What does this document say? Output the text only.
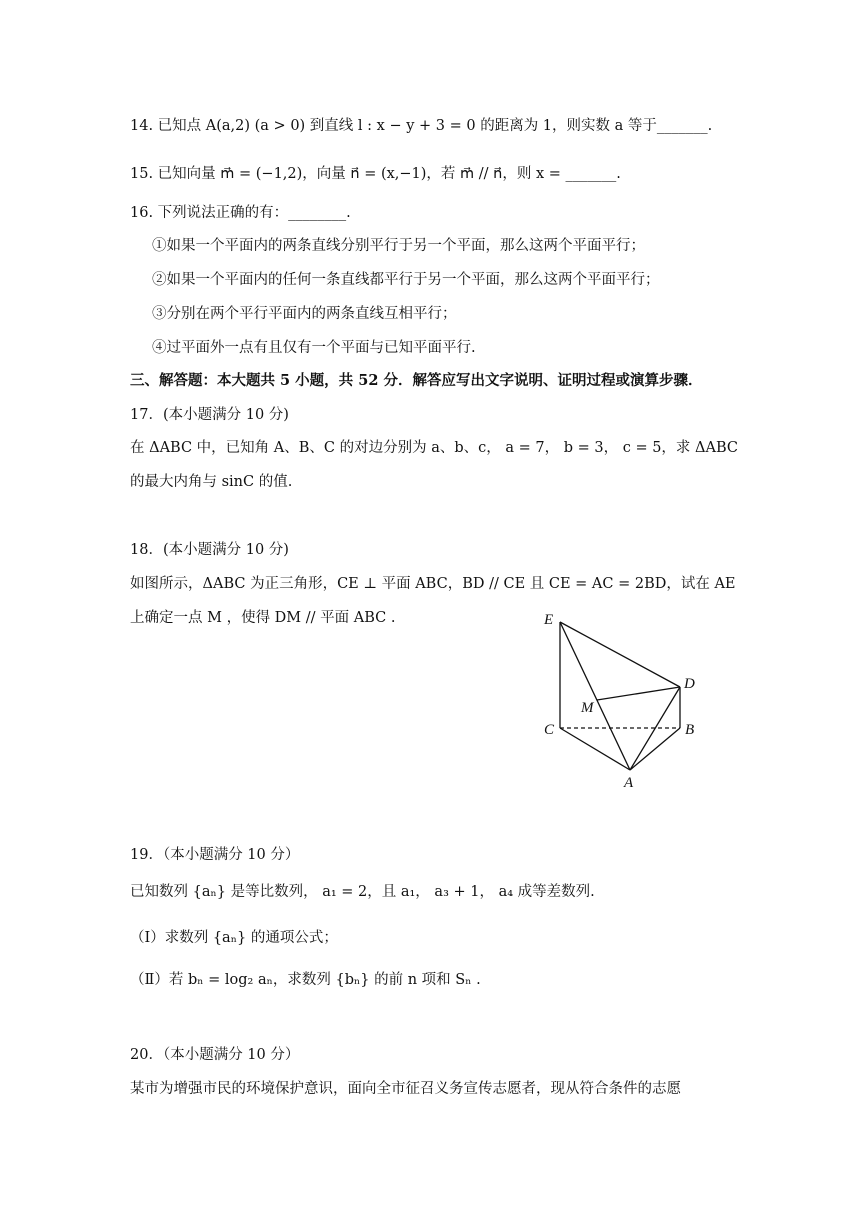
14. 已知点 A(a,2) (a > 0) 到直线 l : x − y + 3 = 0 的距离为 1，则实数 a 等于_______.
15. 已知向量 m⃗ = (−1,2)，向量 n⃗ = (x,−1)，若 m⃗ // n⃗，则 x = _______.
16. 下列说法正确的有：________.
①如果一个平面内的两条直线分别平行于另一个平面，那么这两个平面平行；
②如果一个平面内的任何一条直线都平行于另一个平面，那么这两个平面平行；
③分别在两个平行平面内的两条直线互相平行；
④过平面外一点有且仅有一个平面与已知平面平行.
三、解答题：本大题共 5 小题，共 52 分．解答应写出文字说明、证明过程或演算步骤．
17．(本小题满分 10 分)
在 ΔABC 中，已知角 A、B、C 的对边分别为 a、b、c， a = 7， b = 3， c = 5，求 ΔABC
的最大内角与 sinC 的值.
18．(本小题满分 10 分)
如图所示，ΔABC 为正三角形，CE ⊥ 平面 ABC，BD // CE 且 CE = AC = 2BD，试在 AE
上确定一点 M ，使得 DM // 平面 ABC .	E
D
M
C	B
A
19．（本小题满分 10 分）
已知数列 {aₙ} 是等比数列， a₁ = 2，且 a₁， a₃ + 1， a₄ 成等差数列.
（Ⅰ）求数列 {aₙ} 的通项公式；
（Ⅱ）若 bₙ = log₂ aₙ，求数列 {bₙ} 的前 n 项和 Sₙ .
20．（本小题满分 10 分）
某市为增强市民的环境保护意识，面向全市征召义务宣传志愿者，现从符合条件的志愿
